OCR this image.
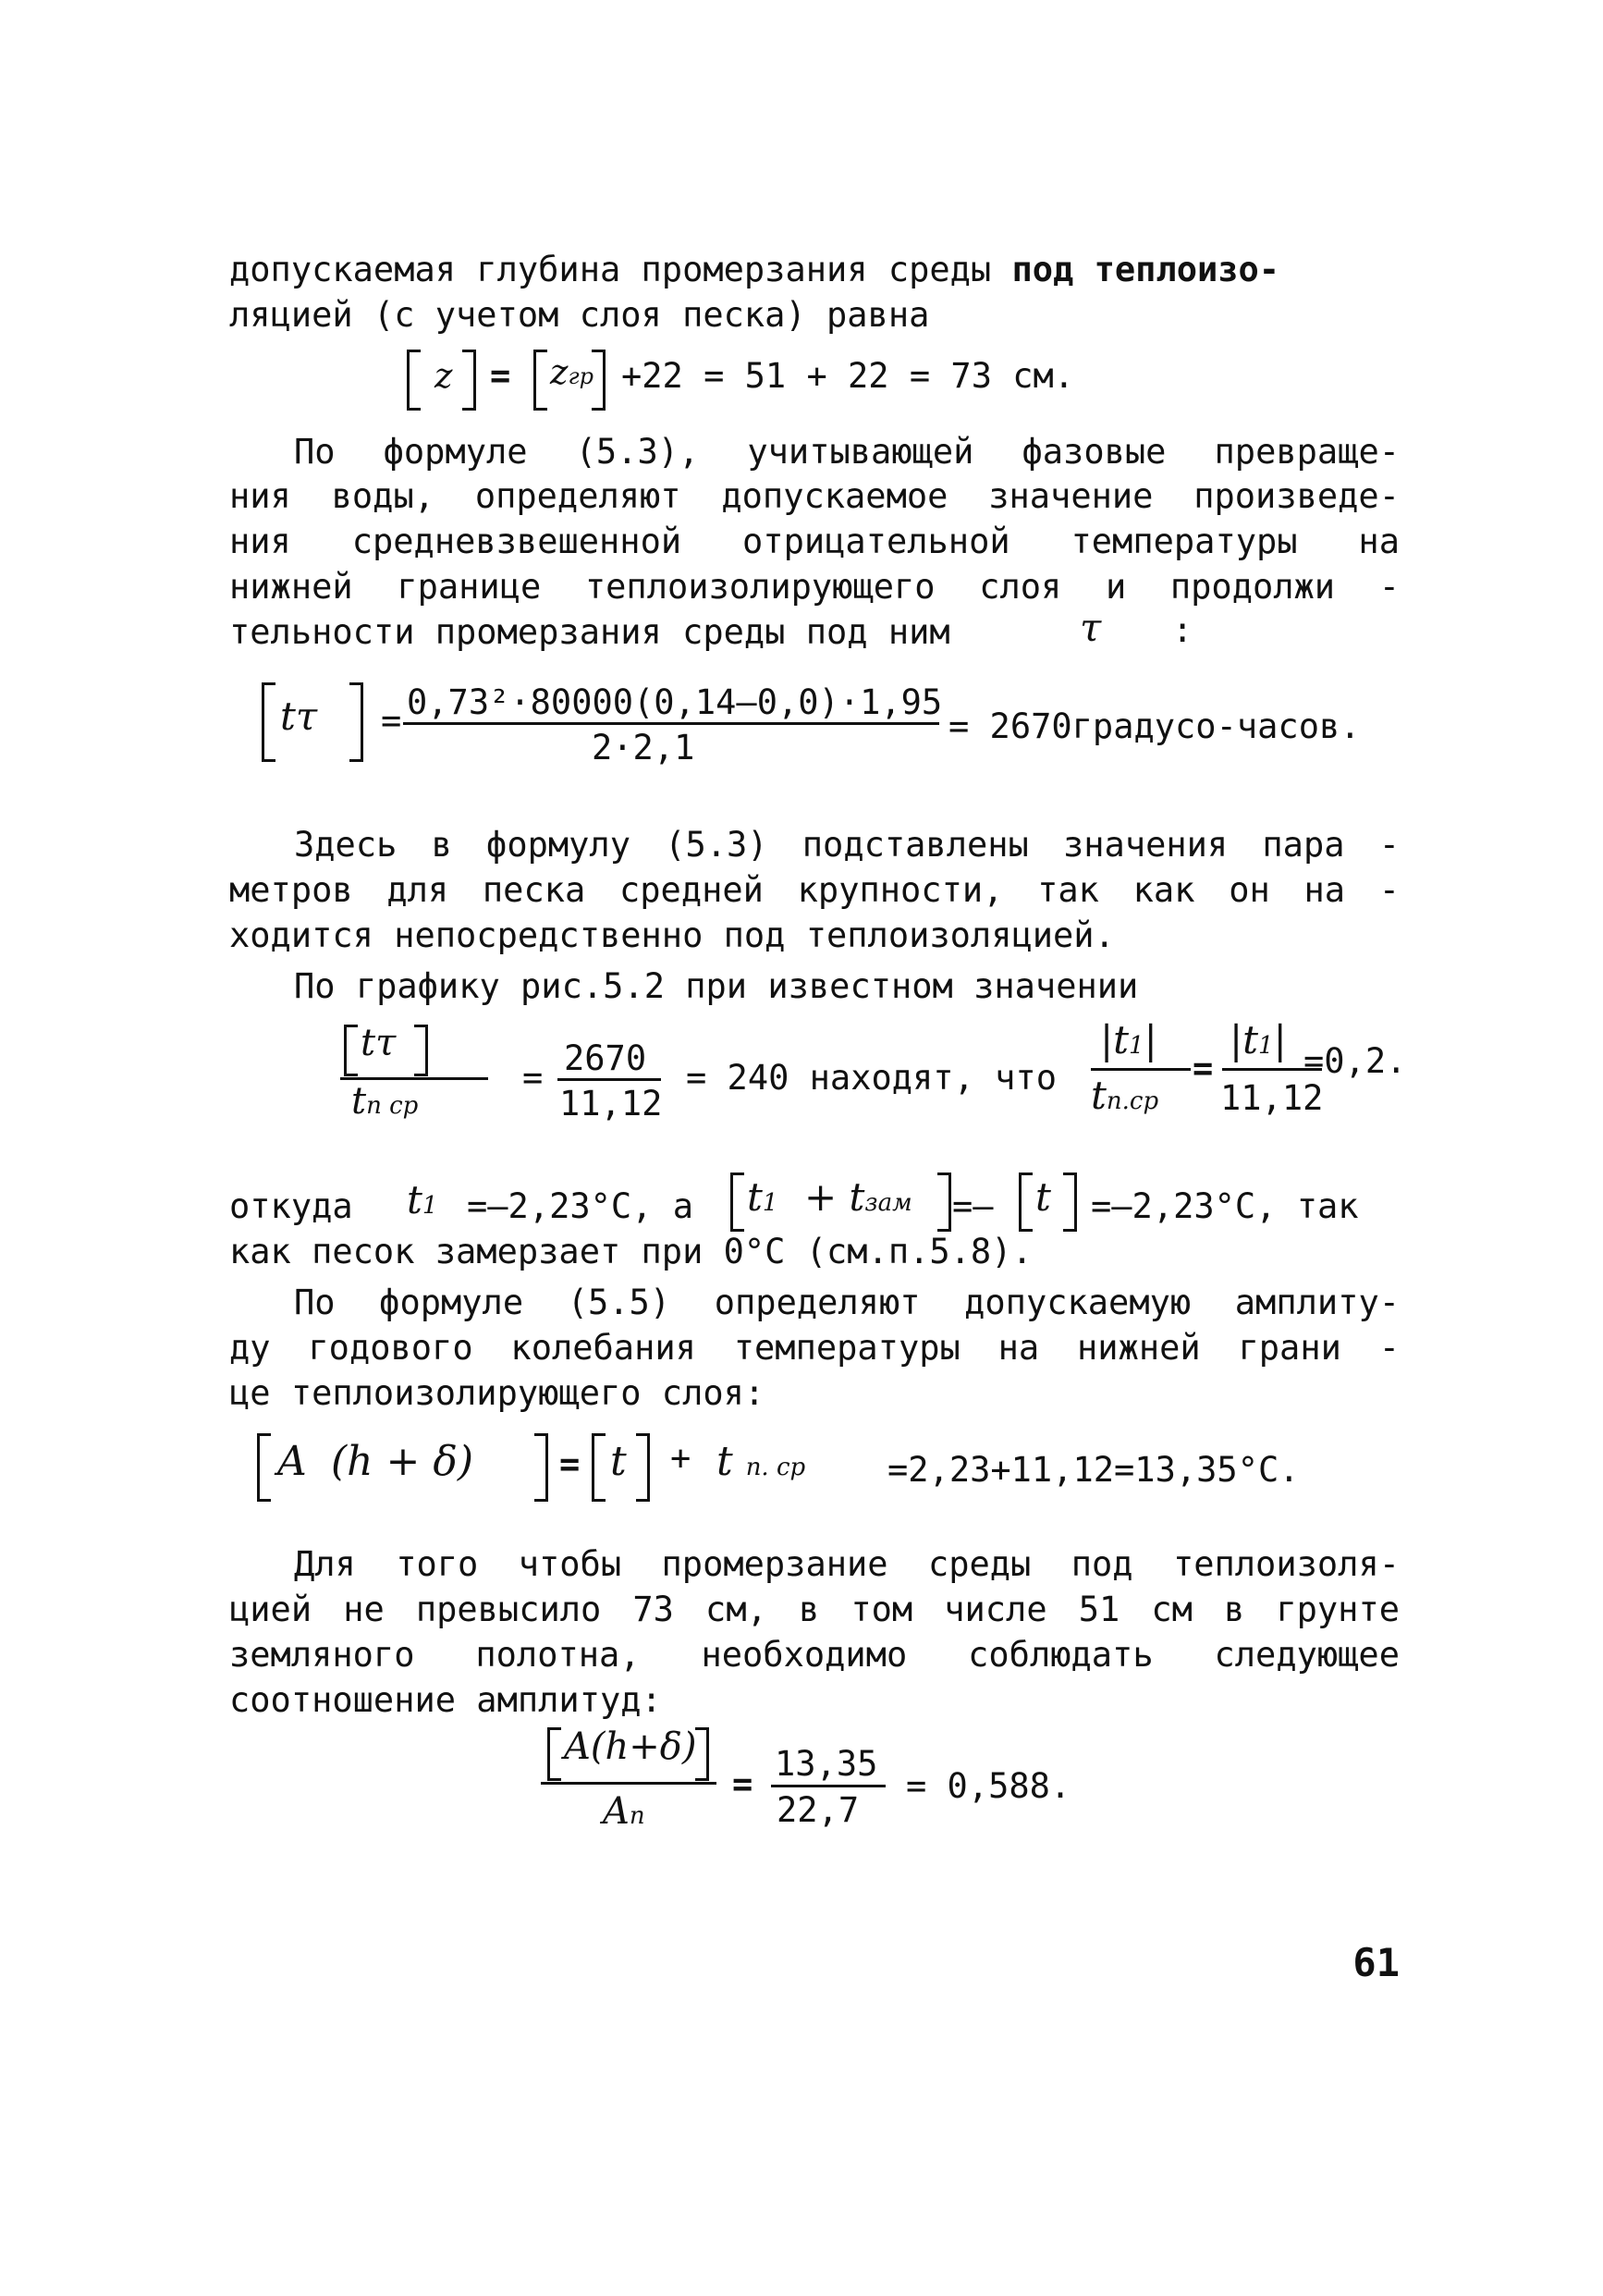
допускаемая глубина промерзания среды под теплоизо-
ляцией (с учетом слоя песка) равна
z = zгр +22 = 51 + 22 = 73 см.
По формуле (5.3), учитывающей фазовые превраще-
ния воды, определяют допускаемое значение произведе-
ния средневзвешенной отрицательной температуры на
нижней границе теплоизолирующего слоя и продолжи -
тельности промерзания среды под ним	τ :
tτ = 0,73²·80000(0,14–0,0)·1,95
2·2,1
= 2670градусо-часов.
Здесь в формулу (5.3) подставлены значения пара -
метров для песка средней крупности, так как он на -
ходится непосредственно под теплоизоляцией.
По графику рис.5.2 при известном значении
tτ
tп ср
= 2670
11,12
= 240 находят, что
|t1|
tп.ср
=
|t1|
11,12
=0,2.
откуда t1 =–2,23°С, а t1 + tзам =– t =–2,23°С, так
как песок замерзает при 0°С (см.п.5.8).
По формуле (5.5) определяют допускаемую амплиту-
ду годового колебания температуры на нижней грани -
це теплоизолирующего слоя:
A (h + δ)	= t + t п. ср =2,23+11,12=13,35°С.
Для того чтобы промерзание среды под теплоизоля-
цией не превысило 73 см, в том числе 51 см в грунте
земляного полотна, необходимо соблюдать следующее
соотношение амплитуд:
A(h+δ)
Aп
=
13,35
22,7
= 0,588.
61
